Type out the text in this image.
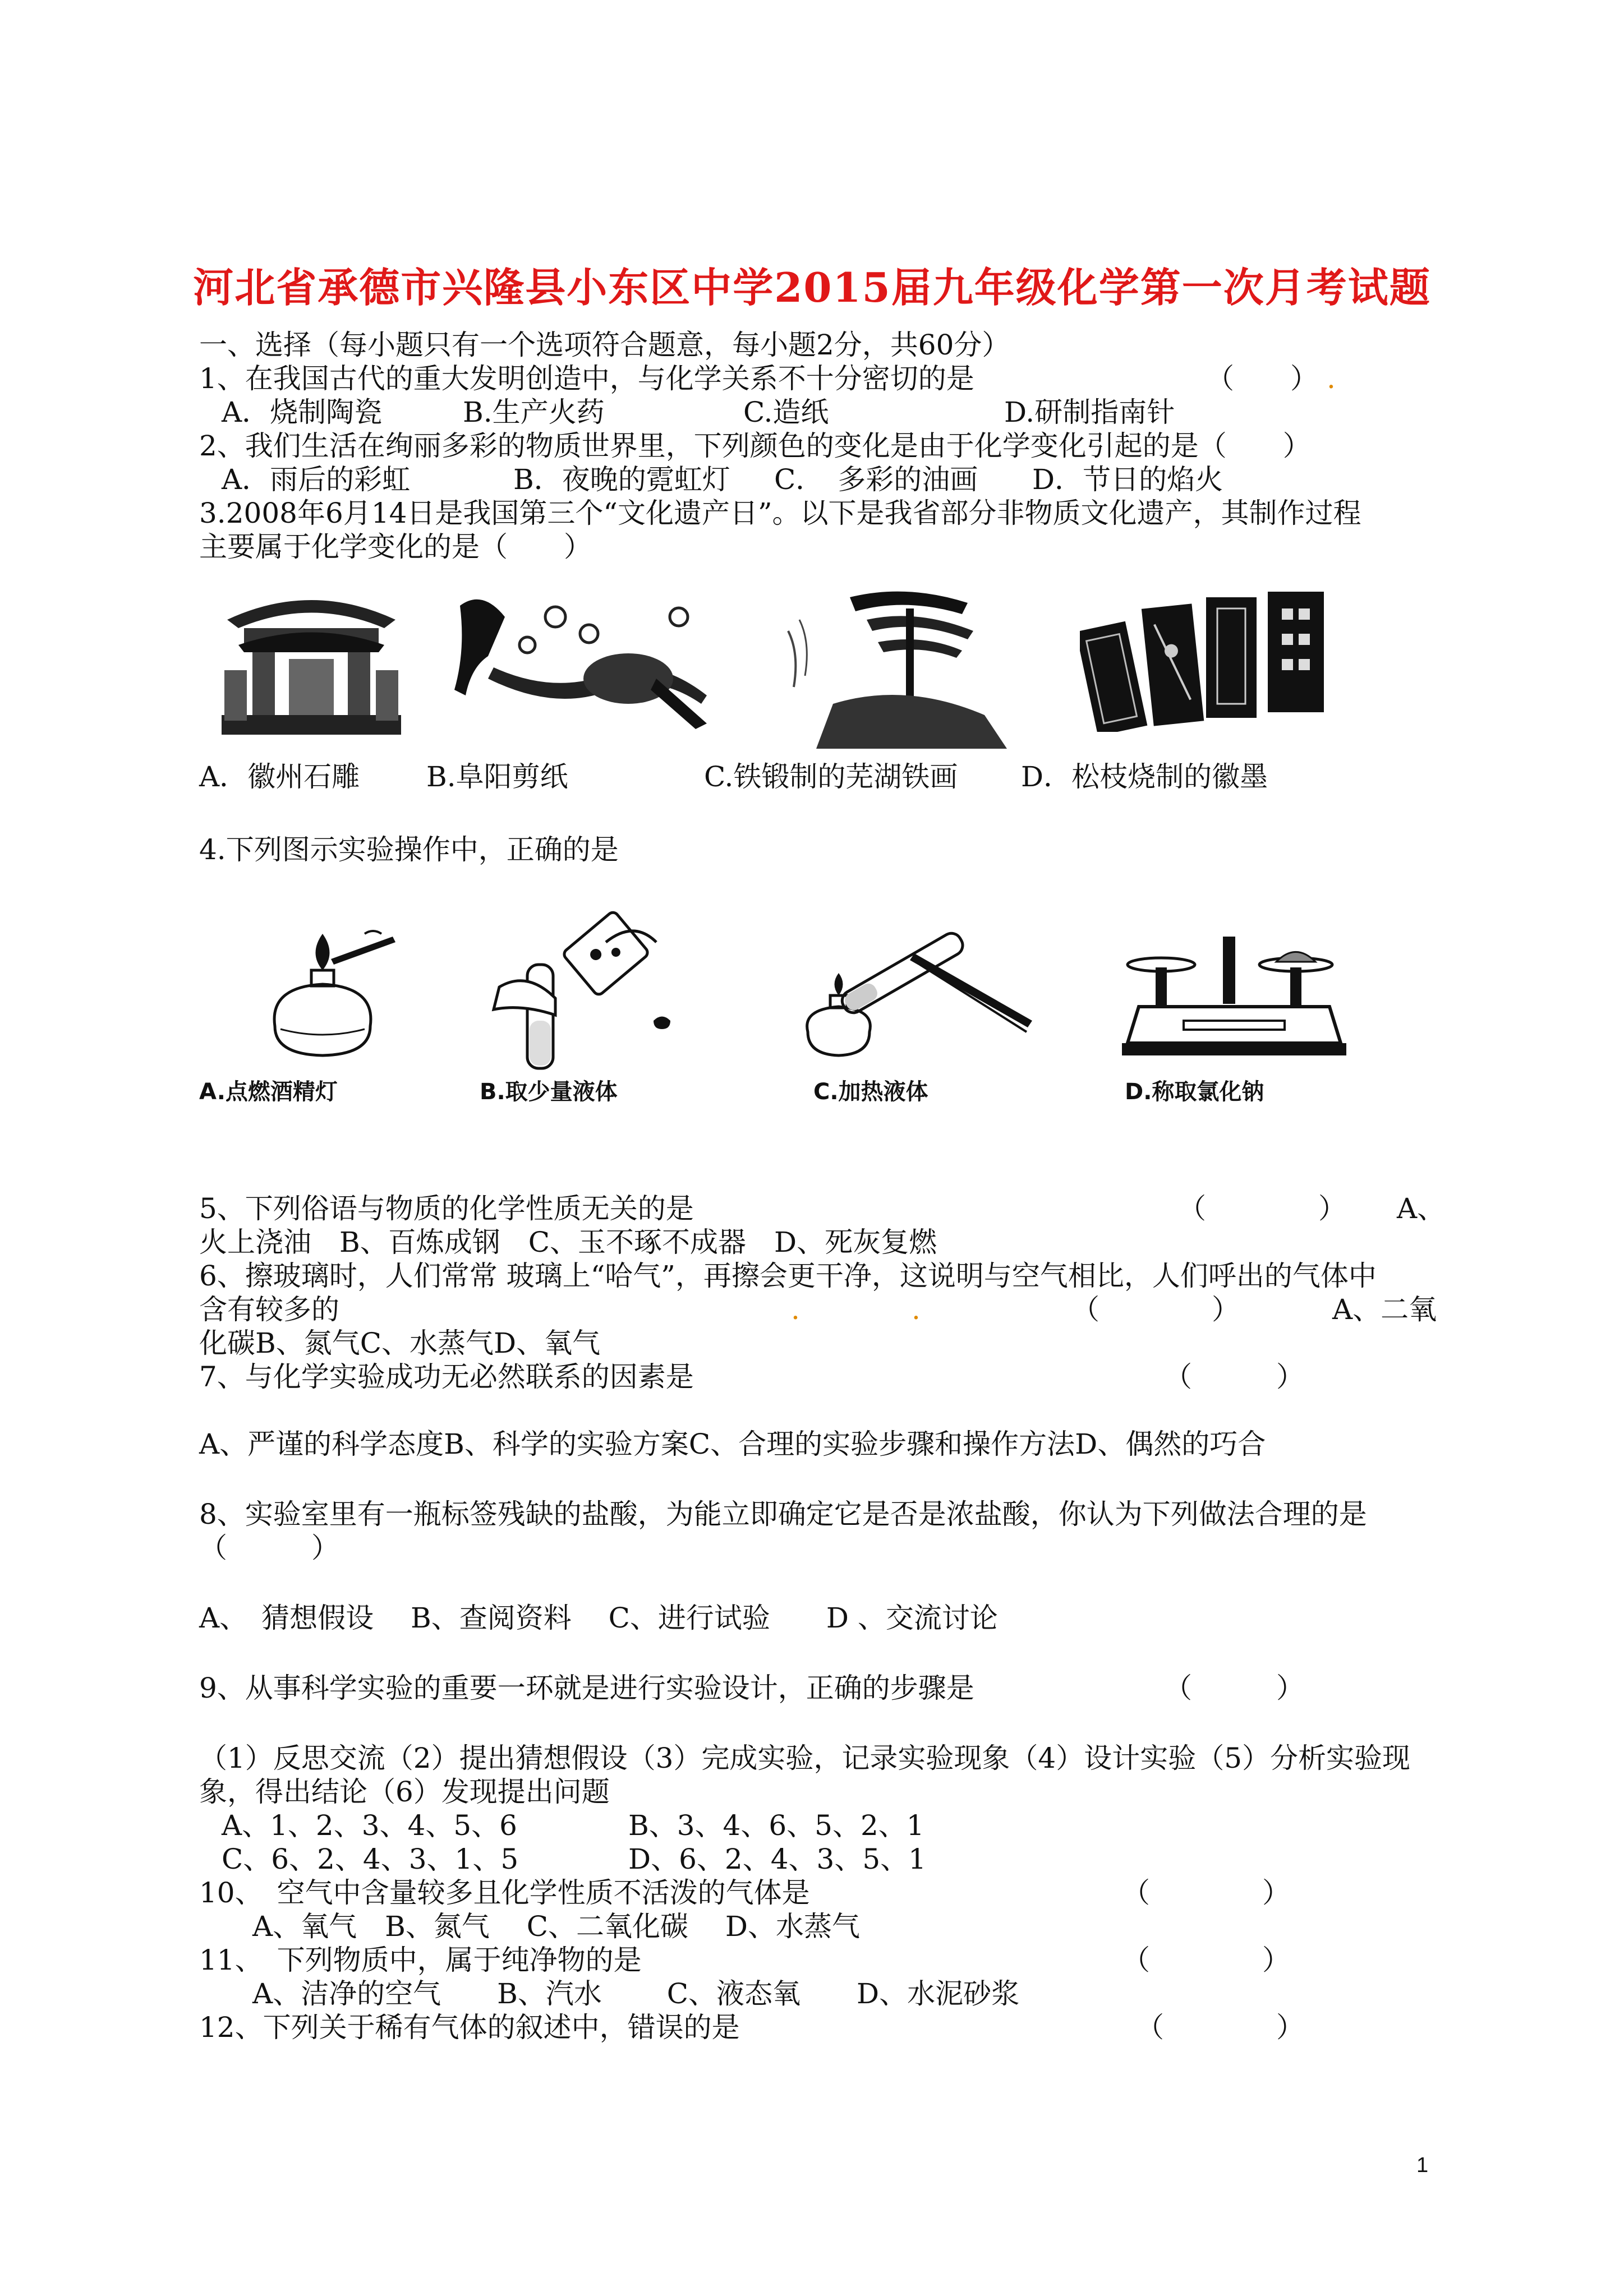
河北省承德市兴隆县小东区中学2015届九年级化学第一次月考试题
一、选择（每小题只有一个选项符合题意，每小题2分，共60分）
1、在我国古代的重大发明创造中，与化学关系不十分密切的是	（　　） .
A．烧制陶瓷	B.生产火药	C.造纸	D.研制指南针
2、我们生活在绚丽多彩的物质世界里，下列颜色的变化是由于化学变化引起的是（　　）
A．雨后的彩虹	B．夜晚的霓虹灯 C．　多彩的油画 D．节日的焰火
3.2008年6月14日是我国第三个“文化遗产日”。以下是我省部分非物质文化遗产，其制作过程
主要属于化学变化的是（　　）
A．徽州石雕 B.阜阳剪纸	C.铁锻制的芜湖铁画 D．松枝烧制的徽墨
4.下列图示实验操作中，正确的是
A.点燃酒精灯	B.取少量液体	C.加热液体	D.称取氯化钠
5、下列俗语与物质的化学性质无关的是	（　　　　） A、
火上浇油　B、百炼成钢　C、玉不琢不成器　D、死灰复燃
6、擦玻璃时，人们常常 玻璃上“哈气”，再擦会更干净，这说明与空气相比，人们呼出的气体中
含有较多的	.	.	（　　　　）	A、二氧
化碳B、氮气C、水蒸气D、氧气
7、与化学实验成功无必然联系的因素是	（　　　）
A、严谨的科学态度B、科学的实验方案C、合理的实验步骤和操作方法D、偶然的巧合
8、实验室里有一瓶标签残缺的盐酸，为能立即确定它是否是浓盐酸，你认为下列做法合理的是
（　　　）
A、　猜想假设　 B、查阅资料　 C、进行试验　　D 、交流讨论
9、从事科学实验的重要一环就是进行实验设计，正确的步骤是	（　　　）
（1）反思交流（2）提出猜想假设（3）完成实验，记录实验现象（4）设计实验（5）分析实验现
象，得出结论（6）发现提出问题
A、1、2、3、4、5、6	B、3、4、6、5、2、1
C、6、2、4、3、1、5	D、6、2、4、3、5、1
10、　空气中含量较多且化学性质不活泼的气体是	（　　　　）
A、氧气　B、氮气　 C、二氧化碳　 D、水蒸气
11、　下列物质中，属于纯净物的是	（　　　　）
A、洁净的空气　　B、汽水　　 C、液态氧　　D、水泥砂浆
12、下列关于稀有气体的叙述中，错误的是	（　　　　）
1
